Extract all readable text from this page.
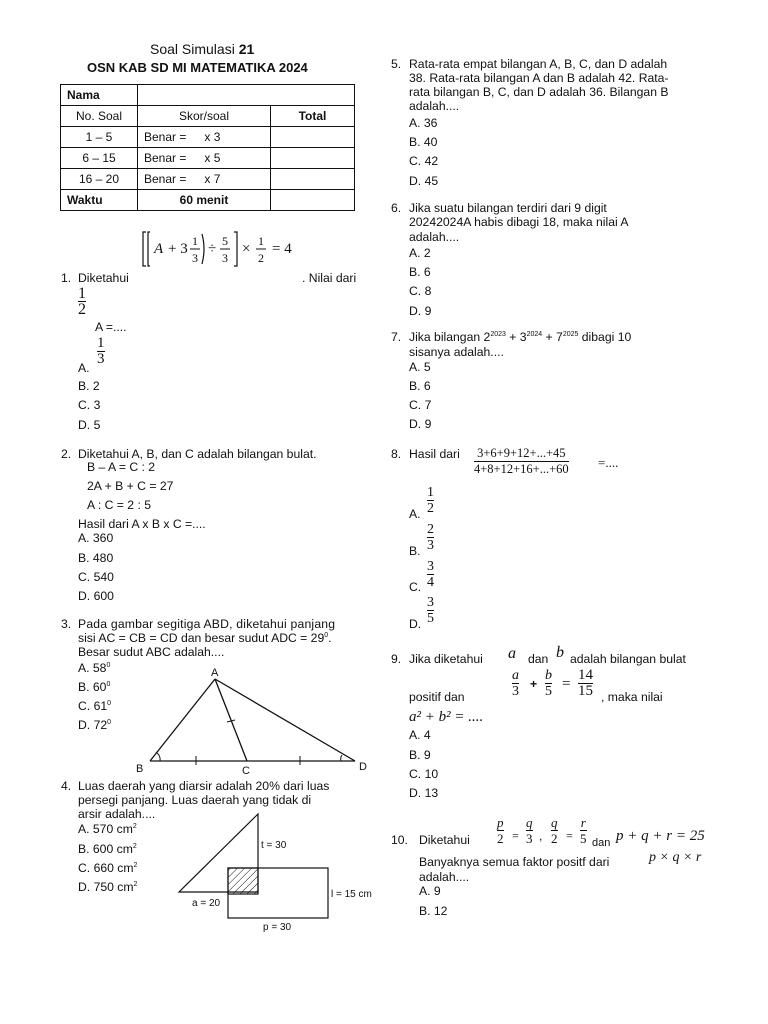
Soal Simulasi 21
OSN KAB SD MI MATEMATIKA 2024
Nama		
No. Soal	Skor/soal	Total
1 – 5	Benar = x 3	
6 – 15	Benar = x 5	
16 – 20	Benar = x 7	
Waktu	60 menit	
A + 3 1
3
÷ 5
3
× 1
2
= 4
1. Diketahui	. Nilai dari
1
2
A =....
1
3
A.
B. 2
C. 3
D. 5
2. Diketahui A, B, dan C adalah bilangan bulat.
B – A = C : 2
2A + B + C = 27
A : C = 2 : 5
Hasil dari A x B x C =....
A. 360
B. 480
C. 540
D. 600
3. Pada gambar segitiga ABD, diketahui panjang
sisi AC = CB = CD dan besar sudut ADC = $29^0$.
Besar sudut ABC adalah....
A. $58^0$
B. $60^0$
C. $61^0$
D. $72^0$
A
B	C	D
4. Luas daerah yang diarsir adalah 20% dari luas
persegi panjang. Luas daerah yang tidak di
arsir adalah....
A. 570 $cm^2$
B. 600 $cm^2$
C. 660 $cm^2$
D. 750 $cm^2$
t = 30
l = 15 cm
a = 20
p = 30
5. Rata-rata empat bilangan A, B, C, dan D adalah
38. Rata-rata bilangan A dan B adalah 42. Rata-
rata bilangan B, C, dan D adalah 36. Bilangan B
adalah....
A. 36
B. 40
C. 42
D. 45
6. Jika suatu bilangan terdiri dari 9 digit
20242024A habis dibagi 18, maka nilai A
adalah....
A. 2
B. 6
C. 8
D. 9
7. Jika bilangan $2^{2023} + 3^{2024} + 7^{2025}$ dibagi 10
sisanya adalah....
A. 5
B. 6
C. 7
D. 9
8. Hasil dari 3+6+9+12+...+45
4+8+12+16+...+60 =....
A.
1
2
B.
2
3
C.
3
4
D.
3
5
9. Jika diketahui a dan b adalah bilangan bulat
positif dan
a
3 +
b
5 =
14
15 , maka nilai
a² + b² = ....
A. 4
B. 9
C. 10
D. 13
10. Diketahui
p
2 =
q
3 ,
q
2 =
r
5 dan p + q + r = 25
Banyaknya semua faktor positf dari	p × q × r
adalah....
A. 9
B. 12
